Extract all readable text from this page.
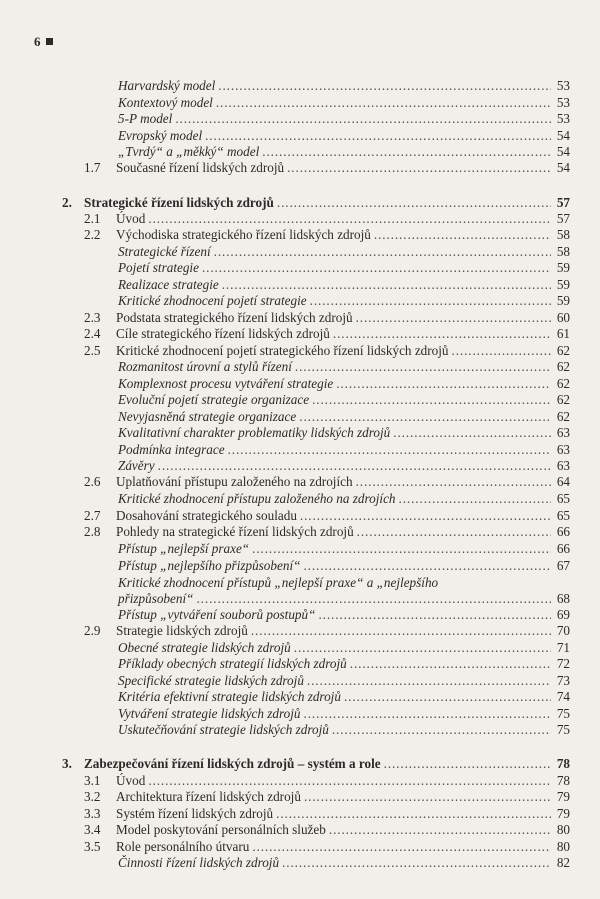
6
Harvardský model . . .	53
Kontextový model . . .	53
5-P model . . .	53
Evropský model . . .	54
„Tvrdý“ a „měkký“ model . . .	54
1.7 Současné řízení lidských zdrojů . . .	54
2. Strategické řízení lidských zdrojů . . .	57
2.1 Úvod . . .	57
2.2 Východiska strategického řízení lidských zdrojů . . .	58
Strategické řízení . . .	58
Pojetí strategie . . .	59
Realizace strategie . . .	59
Kritické zhodnocení pojetí strategie . . .	59
2.3 Podstata strategického řízení lidských zdrojů . . .	60
2.4 Cíle strategického řízení lidských zdrojů . . .	61
2.5 Kritické zhodnocení pojetí strategického řízení lidských zdrojů . . .	62
Rozmanitost úrovní a stylů řízení . . .	62
Komplexnost procesu vytváření strategie . . .	62
Evoluční pojetí strategie organizace . . .	62
Nevyjasněná strategie organizace . . .	62
Kvalitativní charakter problematiky lidských zdrojů . . .	63
Podmínka integrace . . .	63
Závěry . . .	63
2.6 Uplatňování přístupu založeného na zdrojích . . .	64
Kritické zhodnocení přístupu založeného na zdrojích . . .	65
2.7 Dosahování strategického souladu . . .	65
2.8 Pohledy na strategické řízení lidských zdrojů . . .	66
Přístup „nejlepší praxe“ . . .	66
Přístup „nejlepšího přizpůsobení“ . . .	67
Kritické zhodnocení přístupů „nejlepší praxe“ a „nejlepšího
přizpůsobení“ . . .	68
Přístup „vytváření souborů postupů“ . . .	69
2.9 Strategie lidských zdrojů . . .	70
Obecné strategie lidských zdrojů . . .	71
Příklady obecných strategií lidských zdrojů . . .	72
Specifické strategie lidských zdrojů . . .	73
Kritéria efektivní strategie lidských zdrojů . . .	74
Vytváření strategie lidských zdrojů . . .	75
Uskutečňování strategie lidských zdrojů . . .	75
3. Zabezpečování řízení lidských zdrojů – systém a role . . .	78
3.1 Úvod . . .	78
3.2 Architektura řízení lidských zdrojů . . .	79
3.3 Systém řízení lidských zdrojů . . .	79
3.4 Model poskytování personálních služeb . . .	80
3.5 Role personálního útvaru . . .	80
Činnosti řízení lidských zdrojů . . .	82
